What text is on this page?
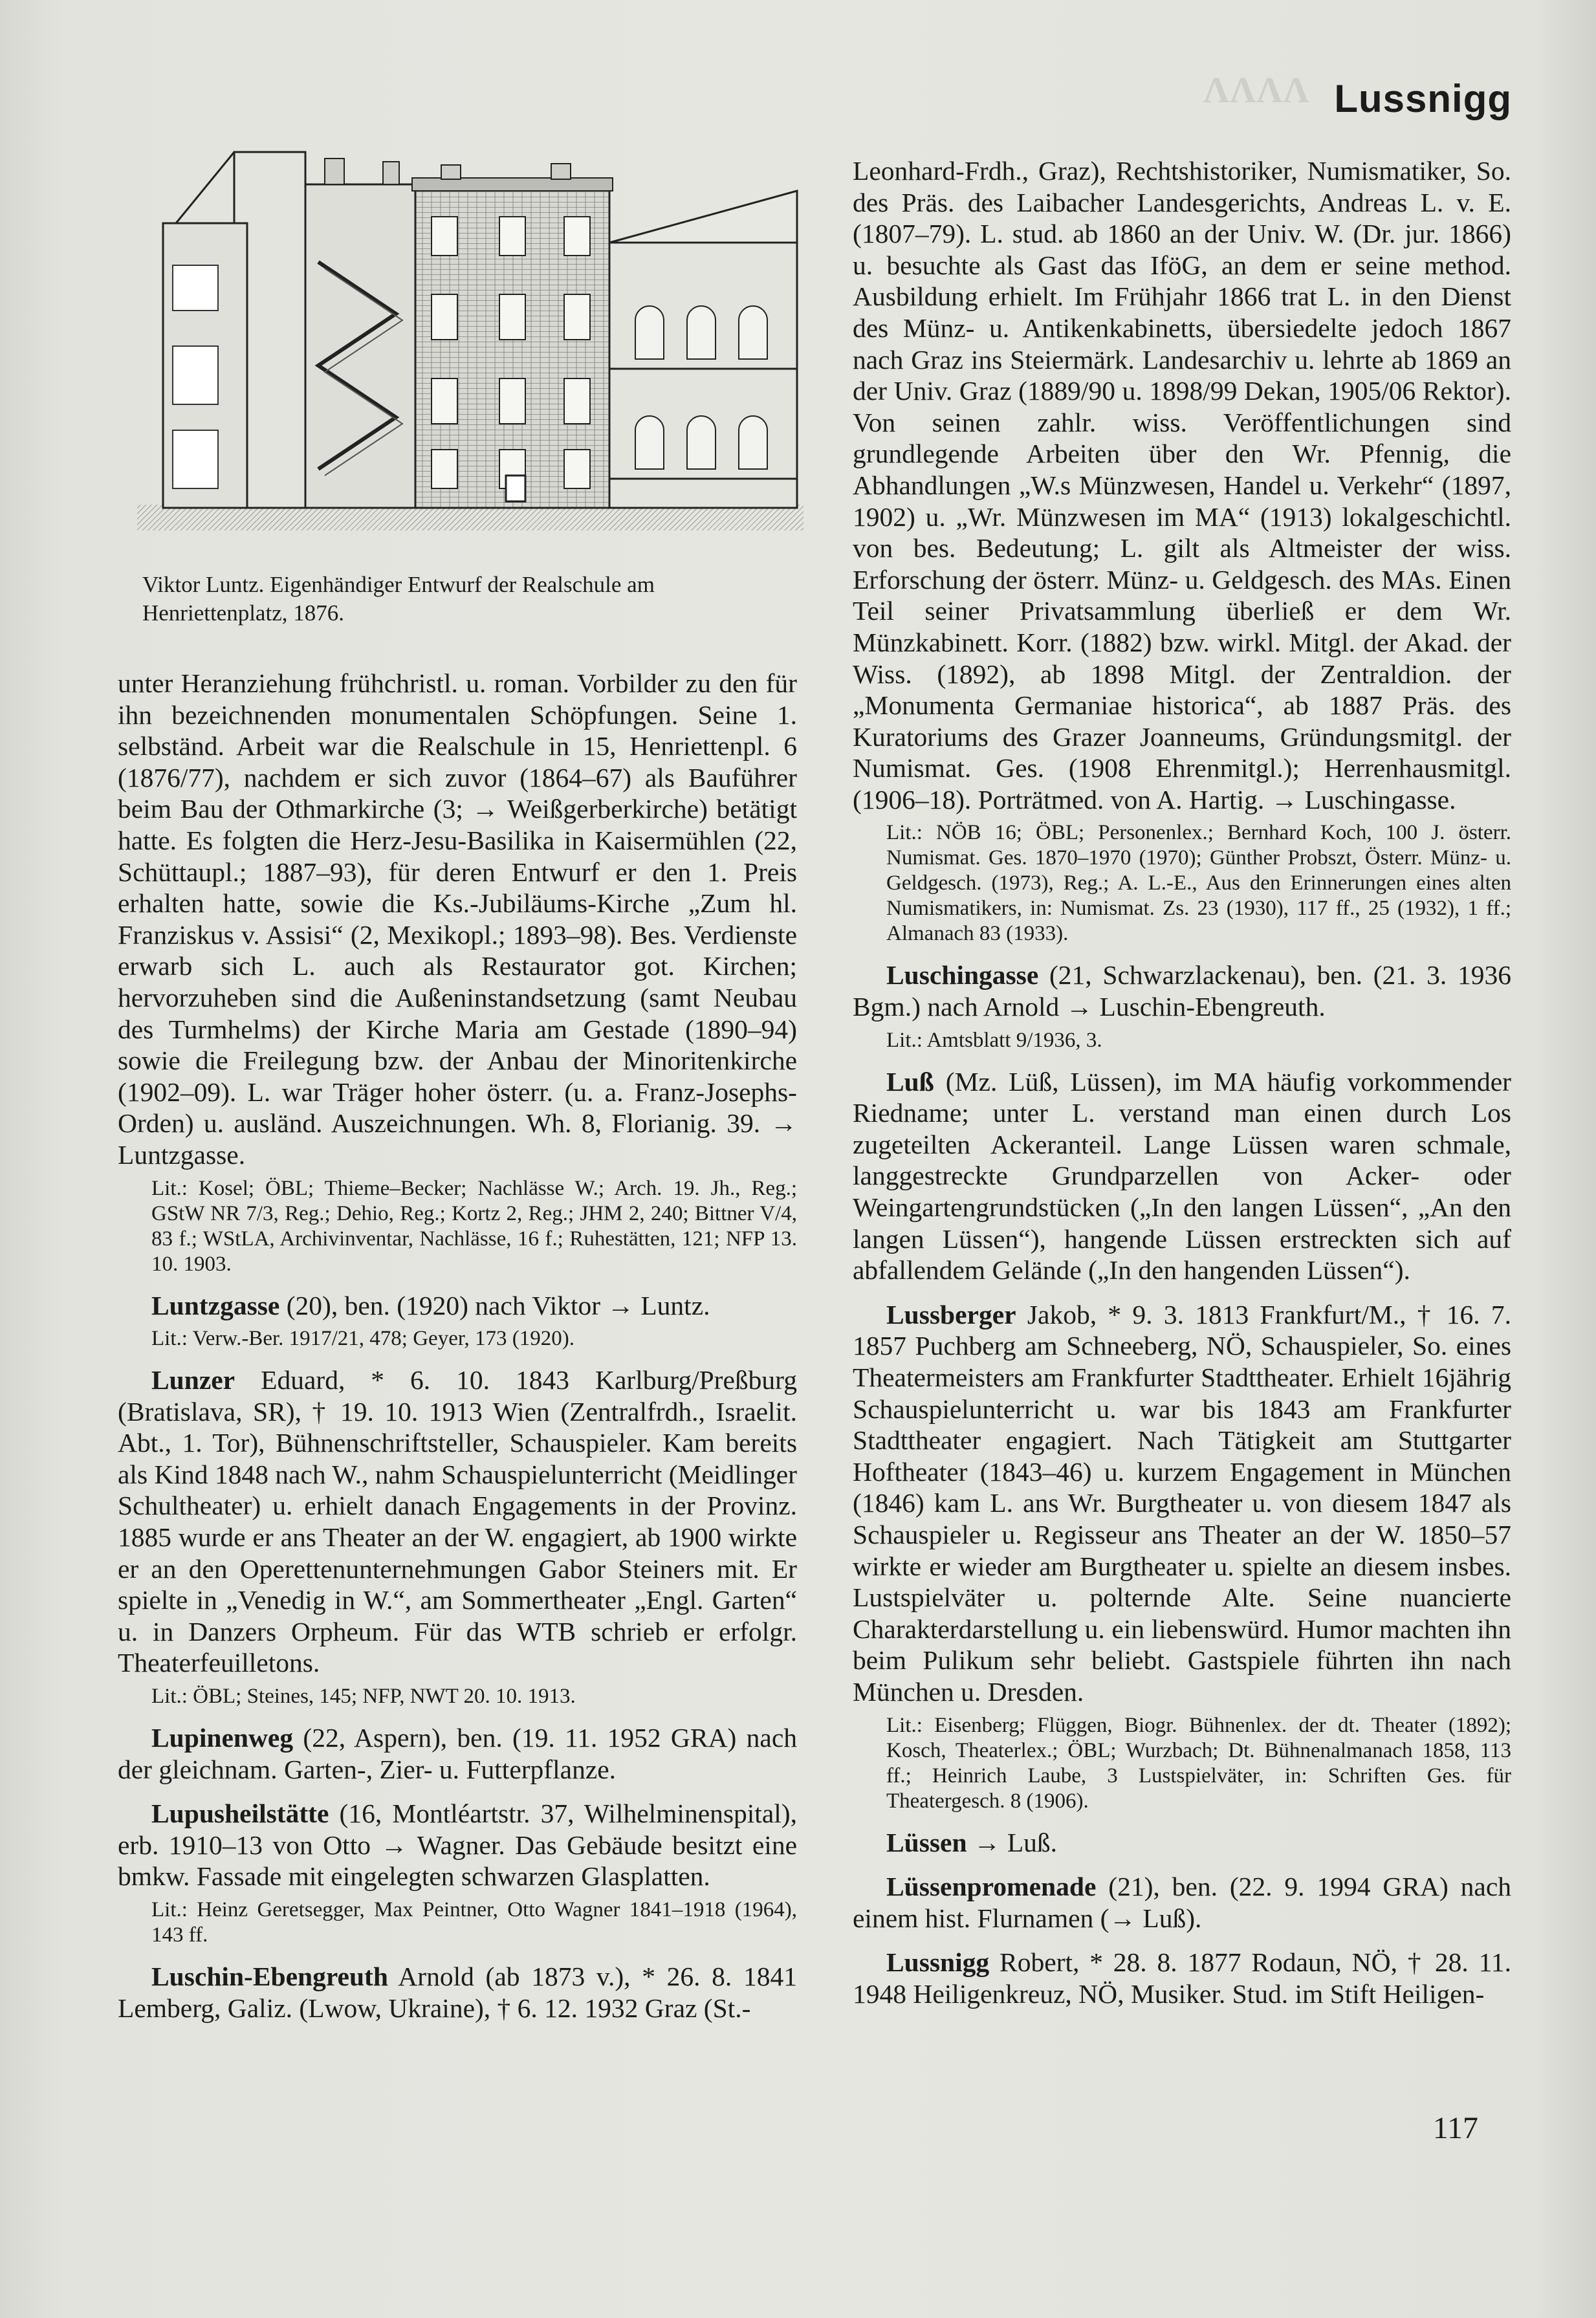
ΛΛΛΛ Lussnigg
Viktor Luntz. Eigenhändiger Entwurf der Realschule am
Henriettenplatz, 1876.

unter Heranziehung frühchristl. u. roman. Vorbilder zu den für ihn bezeichnenden monumentalen Schöpfungen. Seine 1. selbständ. Arbeit war die Realschule in 15, Henriettenpl. 6 (1876/77), nachdem er sich zuvor (1864–67) als Bauführer beim Bau der Othmarkirche (3; → Weißgerberkirche) betätigt hatte. Es folgten die Herz-Jesu-Basilika in Kaisermühlen (22, Schüttaupl.; 1887–93), für deren Entwurf er den 1. Preis erhalten hatte, sowie die Ks.-Jubiläums-Kirche „Zum hl. Franziskus v. Assisi“ (2, Mexikopl.; 1893–98). Bes. Verdienste erwarb sich L. auch als Restaurator got. Kirchen; hervorzuheben sind die Außeninstandsetzung (samt Neubau des Turmhelms) der Kirche Maria am Gestade (1890–94) sowie die Freilegung bzw. der Anbau der Minoritenkirche (1902–09). L. war Träger hoher österr. (u. a. Franz-Josephs-Orden) u. ausländ. Auszeichnungen. Wh. 8, Florianig. 39. → Luntzgasse.

Lit.: Kosel; ÖBL; Thieme–Becker; Nachlässe W.; Arch. 19. Jh., Reg.; GStW NR 7/3, Reg.; Dehio, Reg.; Kortz 2, Reg.; JHM 2, 240; Bittner V/4, 83 f.; WStLA, Archivinventar, Nachlässe, 16 f.; Ruhestätten, 121; NFP 13. 10. 1903.

Luntzgasse (20), ben. (1920) nach Viktor → Luntz.

Lit.: Verw.-Ber. 1917/21, 478; Geyer, 173 (1920).

Lunzer Eduard, * 6. 10. 1843 Karlburg/Preßburg (Bratislava, SR), † 19. 10. 1913 Wien (Zentralfrdh., Israelit. Abt., 1. Tor), Bühnenschriftsteller, Schauspieler. Kam bereits als Kind 1848 nach W., nahm Schauspielunterricht (Meidlinger Schultheater) u. erhielt danach Engagements in der Provinz. 1885 wurde er ans Theater an der W. engagiert, ab 1900 wirkte er an den Operettenunternehmungen Gabor Steiners mit. Er spielte in „Venedig in W.“, am Sommertheater „Engl. Garten“ u. in Danzers Orpheum. Für das WTB schrieb er erfolgr. Theaterfeuilletons.

Lit.: ÖBL; Steines, 145; NFP, NWT 20. 10. 1913.

Lupinenweg (22, Aspern), ben. (19. 11. 1952 GRA) nach der gleichnam. Garten-, Zier- u. Futterpflanze.

Lupusheilstätte (16, Montléartstr. 37, Wilhelminenspital), erb. 1910–13 von Otto → Wagner. Das Gebäude besitzt eine bmkw. Fassade mit eingelegten schwarzen Glasplatten.

Lit.: Heinz Geretsegger, Max Peintner, Otto Wagner 1841–1918 (1964), 143 ff.

Luschin-Ebengreuth Arnold (ab 1873 v.), * 26. 8. 1841 Lemberg, Galiz. (Lwow, Ukraine), † 6. 12. 1932 Graz (St.-

Leonhard-Frdh., Graz), Rechtshistoriker, Numismatiker, So. des Präs. des Laibacher Landesgerichts, Andreas L. v. E. (1807–79). L. stud. ab 1860 an der Univ. W. (Dr. jur. 1866) u. besuchte als Gast das IföG, an dem er seine method. Ausbildung erhielt. Im Frühjahr 1866 trat L. in den Dienst des Münz- u. Antikenkabinetts, übersiedelte jedoch 1867 nach Graz ins Steiermärk. Landesarchiv u. lehrte ab 1869 an der Univ. Graz (1889/90 u. 1898/99 Dekan, 1905/06 Rektor). Von seinen zahlr. wiss. Veröffentlichungen sind grundlegende Arbeiten über den Wr. Pfennig, die Abhandlungen „W.s Münzwesen, Handel u. Verkehr“ (1897, 1902) u. „Wr. Münzwesen im MA“ (1913) lokalgeschichtl. von bes. Bedeutung; L. gilt als Altmeister der wiss. Erforschung der österr. Münz- u. Geldgesch. des MAs. Einen Teil seiner Privatsammlung überließ er dem Wr. Münzkabinett. Korr. (1882) bzw. wirkl. Mitgl. der Akad. der Wiss. (1892), ab 1898 Mitgl. der Zentraldion. der „Monumenta Germaniae historica“, ab 1887 Präs. des Kuratoriums des Grazer Joanneums, Gründungsmitgl. der Numismat. Ges. (1908 Ehrenmitgl.); Herrenhausmitgl. (1906–18). Porträtmed. von A. Hartig. → Luschingasse.

Lit.: NÖB 16; ÖBL; Personenlex.; Bernhard Koch, 100 J. österr. Numismat. Ges. 1870–1970 (1970); Günther Probszt, Österr. Münz- u. Geldgesch. (1973), Reg.; A. L.-E., Aus den Erinnerungen eines alten Numismatikers, in: Numismat. Zs. 23 (1930), 117 ff., 25 (1932), 1 ff.; Almanach 83 (1933).

Luschingasse (21, Schwarzlackenau), ben. (21. 3. 1936 Bgm.) nach Arnold → Luschin-Ebengreuth.

Lit.: Amtsblatt 9/1936, 3.

Luß (Mz. Lüß, Lüssen), im MA häufig vorkommender Riedname; unter L. verstand man einen durch Los zugeteilten Ackeranteil. Lange Lüssen waren schmale, langgestreckte Grundparzellen von Acker- oder Weingartengrundstücken („In den langen Lüssen“, „An den langen Lüssen“), hangende Lüssen erstreckten sich auf abfallendem Gelände („In den hangenden Lüssen“).

Lussberger Jakob, * 9. 3. 1813 Frankfurt/M., † 16. 7. 1857 Puchberg am Schneeberg, NÖ, Schauspieler, So. eines Theatermeisters am Frankfurter Stadttheater. Erhielt 16jährig Schauspielunterricht u. war bis 1843 am Frankfurter Stadttheater engagiert. Nach Tätigkeit am Stuttgarter Hoftheater (1843–46) u. kurzem Engagement in München (1846) kam L. ans Wr. Burgtheater u. von diesem 1847 als Schauspieler u. Regisseur ans Theater an der W. 1850–57 wirkte er wieder am Burgtheater u. spielte an diesem insbes. Lustspielväter u. polternde Alte. Seine nuancierte Charakterdarstellung u. ein liebenswürd. Humor machten ihn beim Pulikum sehr beliebt. Gastspiele führten ihn nach München u. Dresden.

Lit.: Eisenberg; Flüggen, Biogr. Bühnenlex. der dt. Theater (1892); Kosch, Theaterlex.; ÖBL; Wurzbach; Dt. Bühnenalmanach 1858, 113 ff.; Heinrich Laube, 3 Lustspielväter, in: Schriften Ges. für Theatergesch. 8 (1906).

Lüssen → Luß.

Lüssenpromenade (21), ben. (22. 9. 1994 GRA) nach einem hist. Flurnamen (→ Luß).

Lussnigg Robert, * 28. 8. 1877 Rodaun, NÖ, † 28. 11. 1948 Heiligenkreuz, NÖ, Musiker. Stud. im Stift Heiligen-

117
